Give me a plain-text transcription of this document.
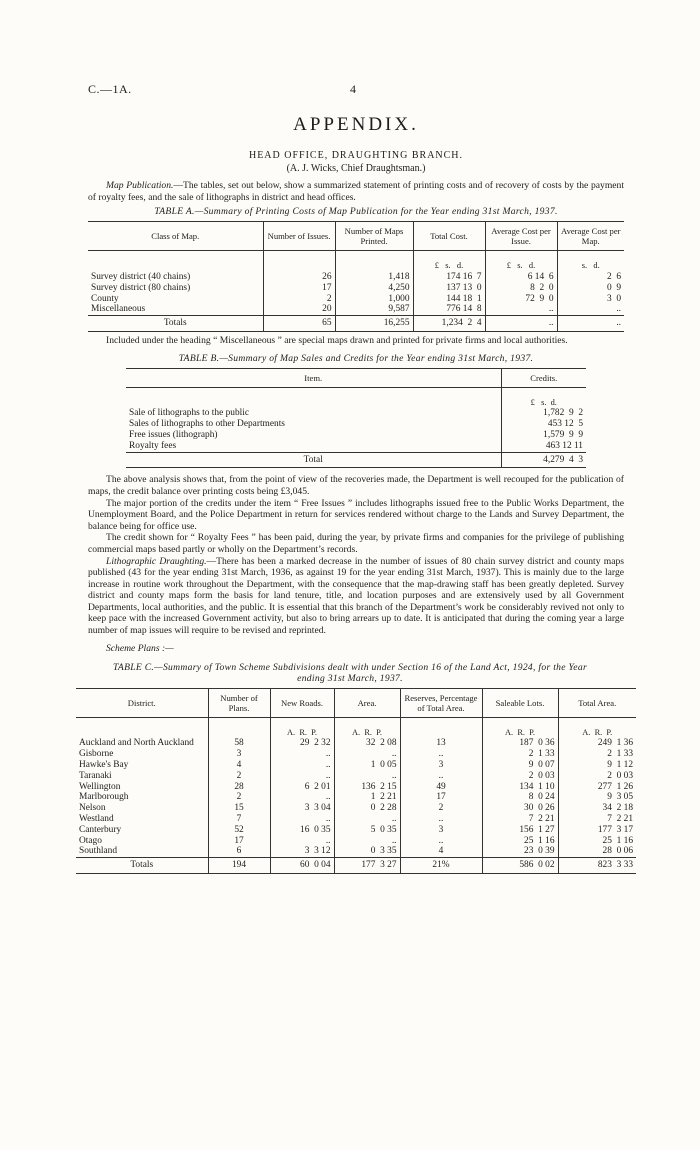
C.—1A.	4
APPENDIX.
HEAD OFFICE, DRAUGHTING BRANCH.
(A. J. Wicks, Chief Draughtsman.)

Map Publication.—The tables, set out below, show a summarized statement of printing costs and of recovery of costs by the payment of royalty fees, and the sale of lithographs in district and head offices.

TABLE A.—Summary of Printing Costs of Map Publication for the Year ending 31st March, 1937.
Class of Map.	Number of Issues.	Number of Maps Printed.	Total Cost.	Average Cost per Issue.	Average Cost per Map.
			£   s.   d.	£   s.   d.	s.   d.
Survey district (40 chains)	26	1,418	174 16  7	6 14  6	2  6
Survey district (80 chains)	17	4,250	137 13  0	8  2  0	0  9
County	2	1,000	144 18  1	72  9  0	3  0
Miscellaneous	20	9,587	776 14  8	..	..
Totals	65	16,255	1,234  2  4	..	..

Included under the heading “ Miscellaneous ” are special maps drawn and printed for private firms and local authorities.

TABLE B.—Summary of Map Sales and Credits for the Year ending 31st March, 1937.
Item.	Credits.
	£   s.  d.
Sale of lithographs to the public	1,782  9  2
Sales of lithographs to other Departments	453 12  5
Free issues (lithograph)	1,579  9  9
Royalty fees	463 12 11
Total	4,279  4  3

The above analysis shows that, from the point of view of the recoveries made, the Department is well recouped for the publication of maps, the credit balance over printing costs being £3,045.

The major portion of the credits under the item “ Free Issues ” includes lithographs issued free to the Public Works Department, the Unemployment Board, and the Police Department in return for services rendered without charge to the Lands and Survey Department, the balance being for office use.

The credit shown for “ Royalty Fees ” has been paid, during the year, by private firms and companies for the privilege of publishing commercial maps based partly or wholly on the Department’s records.

Lithographic Draughting.—There has been a marked decrease in the number of issues of 80 chain survey district and county maps published (43 for the year ending 31st March, 1936, as against 19 for the year ending 31st March, 1937). This is mainly due to the large increase in routine work throughout the Department, with the consequence that the map-drawing staff has been greatly depleted. Survey district and county maps form the basis for land tenure, title, and location purposes and are extensively used by all Government Departments, local authorities, and the public. It is essential that this branch of the Department’s work be considerably revived not only to keep pace with the increased Government activity, but also to bring arrears up to date. It is anticipated that during the coming year a large number of map issues will require to be revised and reprinted.

Scheme Plans :—
TABLE C.—Summary of Town Scheme Subdivisions dealt with under Section 16 of the Land Act, 1924, for the Year ending 31st March, 1937.
District.	Number of Plans.	New Roads.	Area.	Reserves, Percentage of Total Area.	Saleable Lots.	Total Area.
		A.  R.  P.	A.  R.  P.		A.  R.  P.	A.  R.  P.
Auckland and North Auckland	58	29  2 32	32  2 08	13	187  0 36	249  1 36
Gisborne	3	..	..	..	2  1 33	2  1 33
Hawke's Bay	4	..	1  0 05	3	9  0 07	9  1 12
Taranaki	2	..	..	..	2  0 03	2  0 03
Wellington	28	6  2 01	136  2 15	49	134  1 10	277  1 26
Marlborough	2	..	1  2 21	17	8  0 24	9  3 05
Nelson	15	3  3 04	0  2 28	2	30  0 26	34  2 18
Westland	7	..	..	..	7  2 21	7  2 21
Canterbury	52	16  0 35	5  0 35	3	156  1 27	177  3 17
Otago	17	..	..	..	25  1 16	25  1 16
Southland	6	3  3 12	0  3 35	4	23  0 39	28  0 06
Totals	194	60  0 04	177  3 27	21%	586  0 02	823  3 33
